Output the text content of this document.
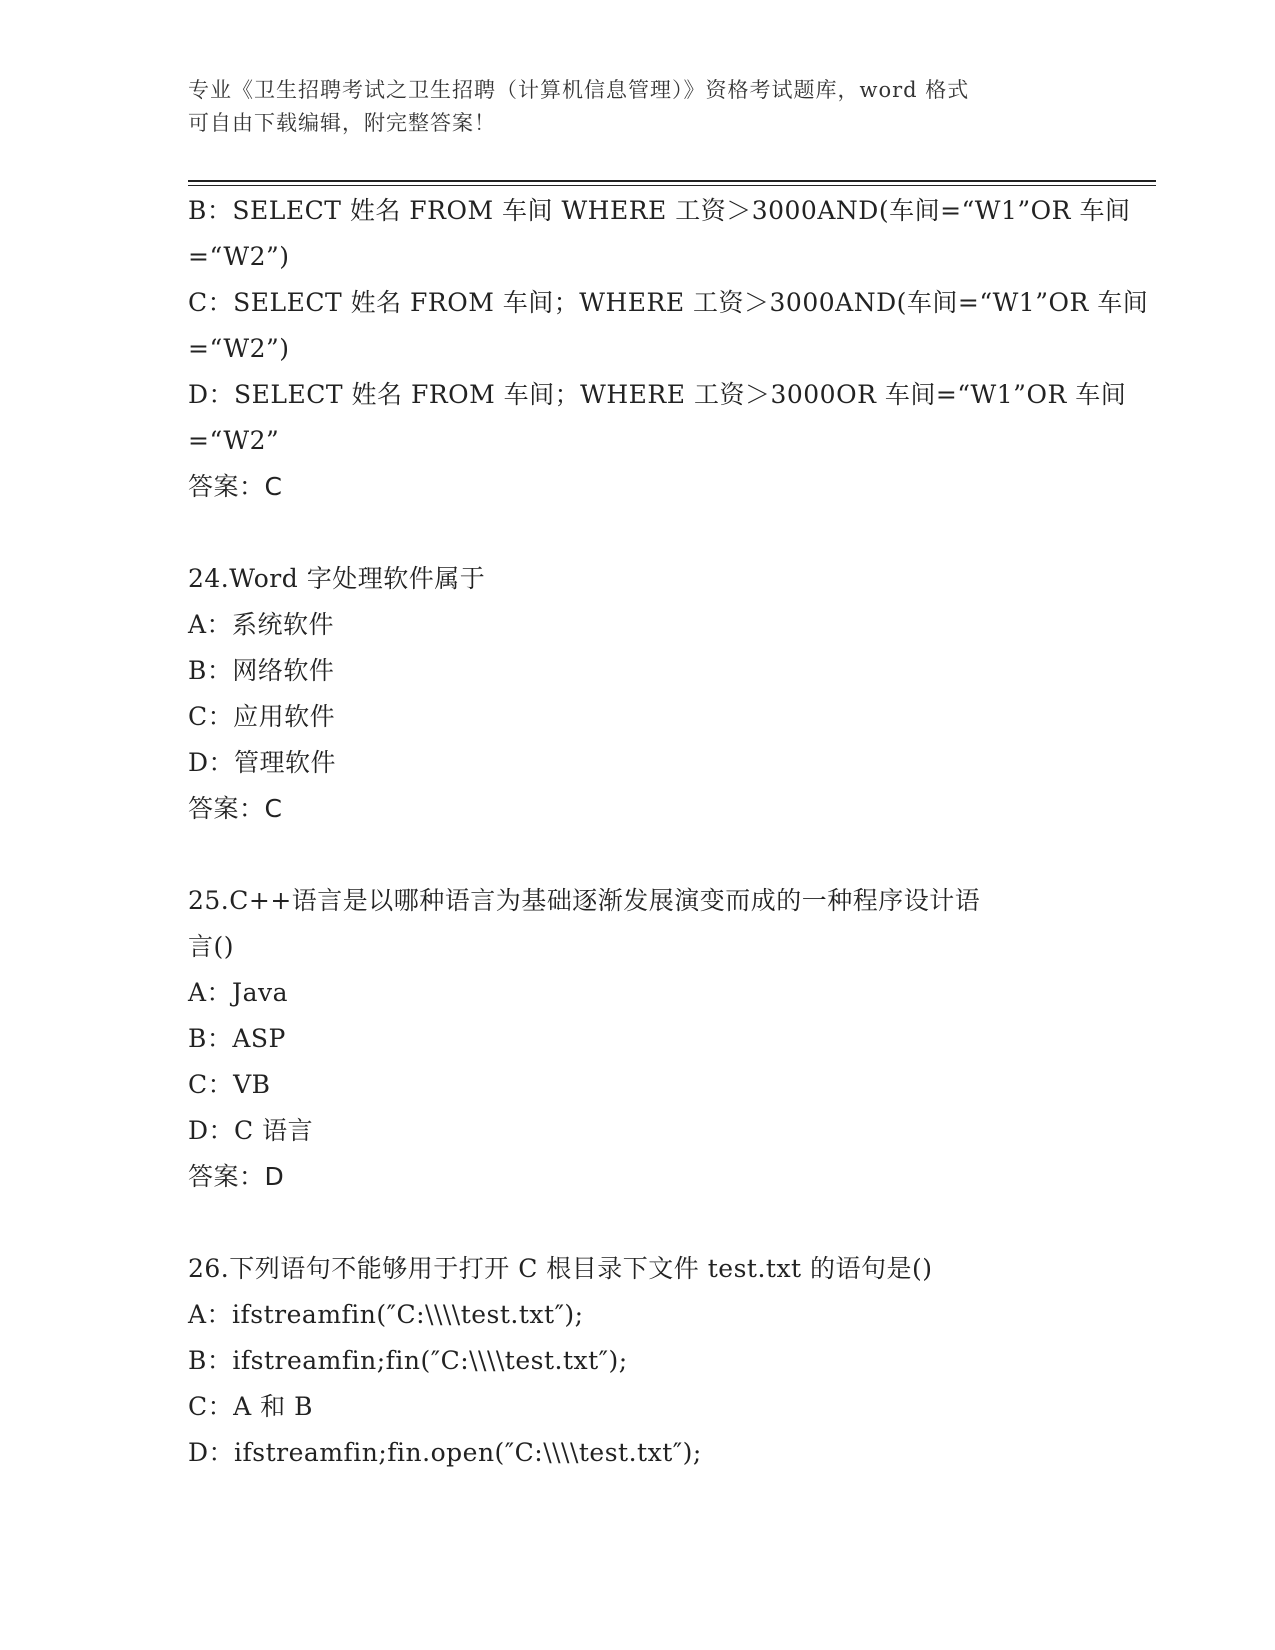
专业《卫生招聘考试之卫生招聘（计算机信息管理）》资格考试题库，word 格式
可自由下载编辑，附完整答案！
B：SELECT 姓名 FROM 车间 WHERE 工资＞3000AND(车间=“W1”OR 车间
=“W2”)
C：SELECT 姓名 FROM 车间；WHERE 工资＞3000AND(车间=“W1”OR 车间
=“W2”)
D：SELECT 姓名 FROM 车间；WHERE 工资＞3000OR 车间=“W1”OR 车间
=“W2”
答案：C
24.Word 字处理软件属于
A：系统软件
B：网络软件
C：应用软件
D：管理软件
答案：C
25.C++语言是以哪种语言为基础逐渐发展演变而成的一种程序设计语
言()
A：Java
B：ASP
C：VB
D：C 语言
答案：D
26.下列语句不能够用于打开 C 根目录下文件 test.txt 的语句是()
A：ifstreamfin(″C:\\\\test.txt″);
B：ifstreamfin;fin(″C:\\\\test.txt″);
C：A 和 B
D：ifstreamfin;fin.open(″C:\\\\test.txt″);
